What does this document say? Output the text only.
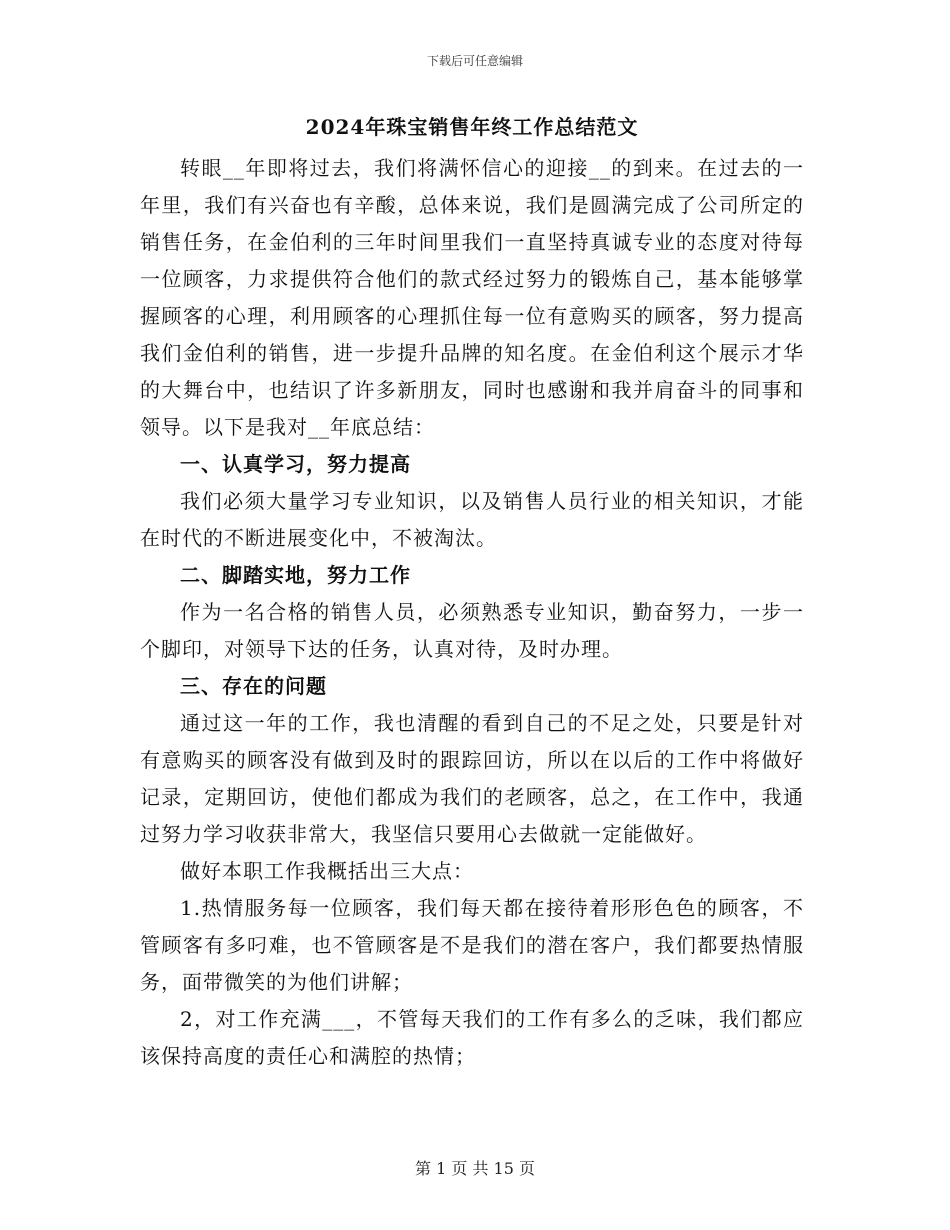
下载后可任意编辑
2024年珠宝销售年终工作总结范文

转眼__年即将过去，我们将满怀信心的迎接__的到来。在过去的一年里，我们有兴奋也有辛酸，总体来说，我们是圆满完成了公司所定的销售任务，在金伯利的三年时间里我们一直坚持真诚专业的态度对待每一位顾客，力求提供符合他们的款式经过努力的锻炼自己，基本能够掌握顾客的心理，利用顾客的心理抓住每一位有意购买的顾客，努力提高我们金伯利的销售，进一步提升品牌的知名度。在金伯利这个展示才华的大舞台中，也结识了许多新朋友，同时也感谢和我并肩奋斗的同事和领导。以下是我对__年底总结：

一、认真学习，努力提高

我们必须大量学习专业知识，以及销售人员行业的相关知识，才能在时代的不断进展变化中，不被淘汰。

二、脚踏实地，努力工作

作为一名合格的销售人员，必须熟悉专业知识，勤奋努力，一步一个脚印，对领导下达的任务，认真对待，及时办理。

三、存在的问题

通过这一年的工作，我也清醒的看到自己的不足之处，只要是针对有意购买的顾客没有做到及时的跟踪回访，所以在以后的工作中将做好记录，定期回访，使他们都成为我们的老顾客，总之，在工作中，我通过努力学习收获非常大，我坚信只要用心去做就一定能做好。

做好本职工作我概括出三大点：

1.热情服务每一位顾客，我们每天都在接待着形形色色的顾客，不管顾客有多叼难，也不管顾客是不是我们的潜在客户，我们都要热情服务，面带微笑的为他们讲解；

2，对工作充满___，不管每天我们的工作有多么的乏味，我们都应该保持高度的责任心和满腔的热情；

第 1 页 共 15 页
